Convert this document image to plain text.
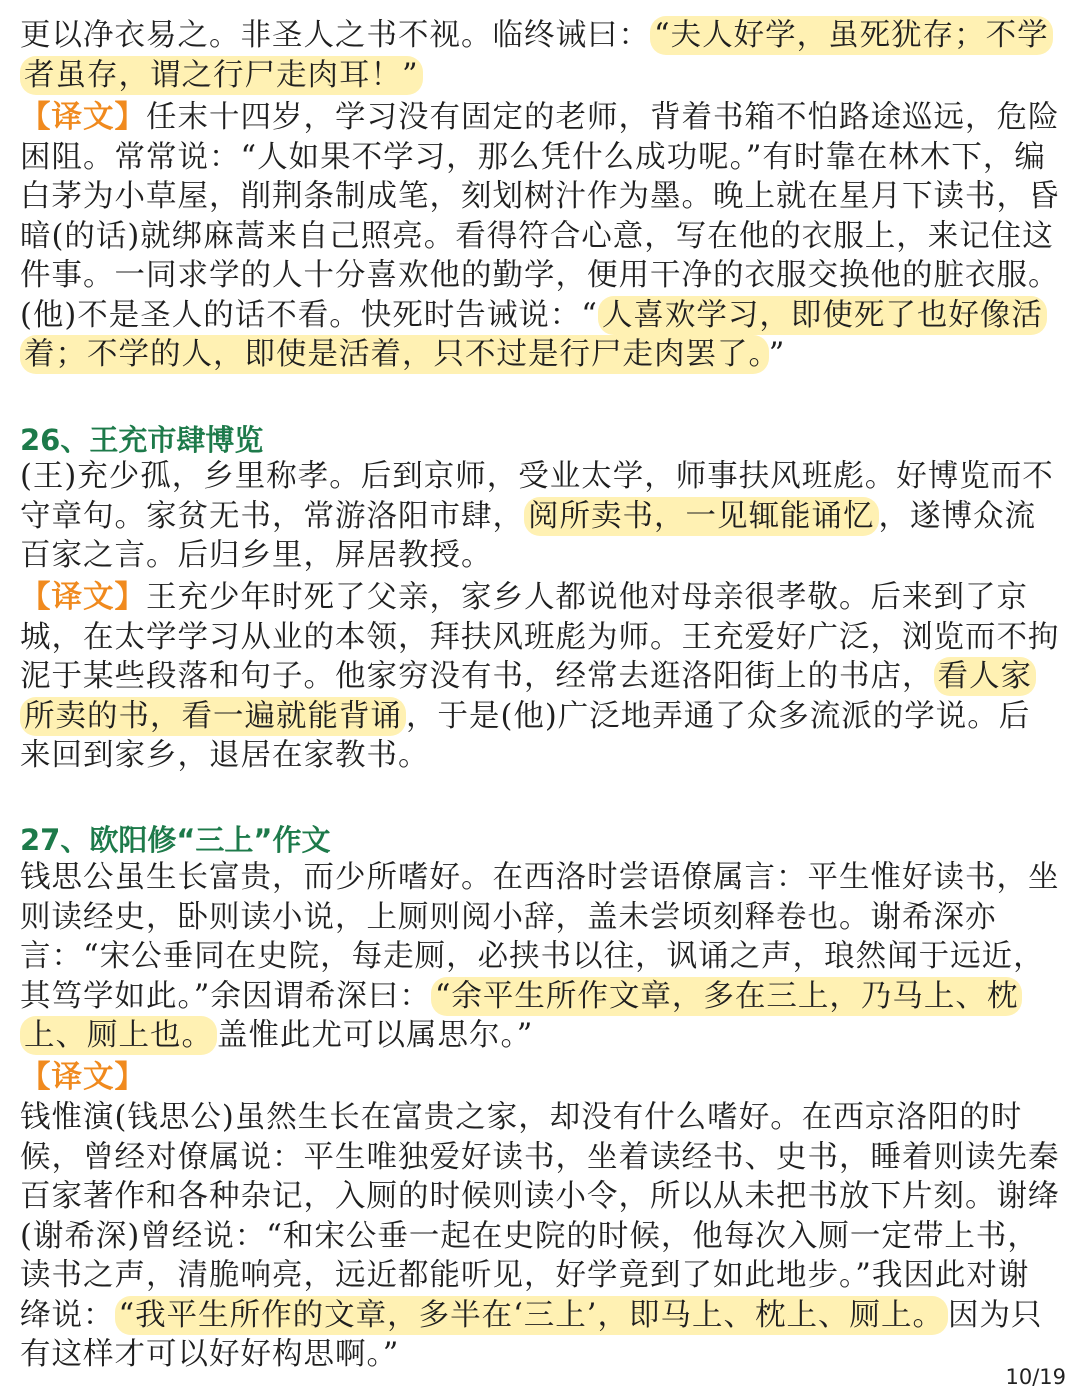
更以净衣易之。非圣人之书不视。临终诫曰： “夫人好学，虽死犹存；不学者虽存，谓之行尸走肉耳！”

【译文】任末十四岁，学习没有固定的老师，背着书箱不怕路途巡远，危险困阻。常常说：“人如果不学习，那么凭什么成功呢。”有时靠在林木下，编白茅为小草屋，削荆条制成笔，刻划树汁作为墨。晚上就在星月下读书，昏暗(的话)就绑麻蒿来自己照亮。看得符合心意，写在他的衣服上，来记住这件事。一同求学的人十分喜欢他的勤学，便用干净的衣服交换他的脏衣服。(他)不是圣人的话不看。快死时告诫说：“ 人喜欢学习，即使死了也好像活着；不学的人，即使是活着，只不过是行尸走肉罢了。 ”

26、王充市肆博览

(王)充少孤，乡里称孝。后到京师，受业太学，师事扶风班彪。好博览而不守章句。家贫无书，常游洛阳市肆， 阅所卖书，一见辄能诵忆 ，遂博众流百家之言。后归乡里，屏居教授。

【译文】王充少年时死了父亲，家乡人都说他对母亲很孝敬。后来到了京城，在太学学习从业的本领，拜扶风班彪为师。王充爱好广泛，浏览而不拘泥于某些段落和句子。他家穷没有书，经常去逛洛阳街上的书店， 看人家所卖的书，看一遍就能背诵 ，于是(他)广泛地弄通了众多流派的学说。后来回到家乡，退居在家教书。

27、欧阳修“三上”作文

钱思公虽生长富贵，而少所嗜好。在西洛时尝语僚属言：平生惟好读书，坐则读经史，卧则读小说，上厕则阅小辞，盖未尝顷刻释卷也。谢希深亦言：“宋公垂同在史院，每走厕，必挟书以往，讽诵之声，琅然闻于远近，其笃学如此。”余因谓希深曰： “余平生所作文章，多在三上，乃马上、枕上、厕上也。 盖惟此尤可以属思尔。”

【译文】

钱惟演(钱思公)虽然生长在富贵之家，却没有什么嗜好。在西京洛阳的时候，曾经对僚属说：平生唯独爱好读书，坐着读经书、史书，睡着则读先秦百家著作和各种杂记，入厕的时候则读小令，所以从未把书放下片刻。谢绛(谢希深)曾经说：“和宋公垂一起在史院的时候，他每次入厕一定带上书，读书之声，清脆响亮，远近都能听见，好学竟到了如此地步。”我因此对谢绛说： “我平生所作的文章，多半在‘三上’，即马上、枕上、厕上。 因为只有这样才可以好好构思啊。”

10/19
